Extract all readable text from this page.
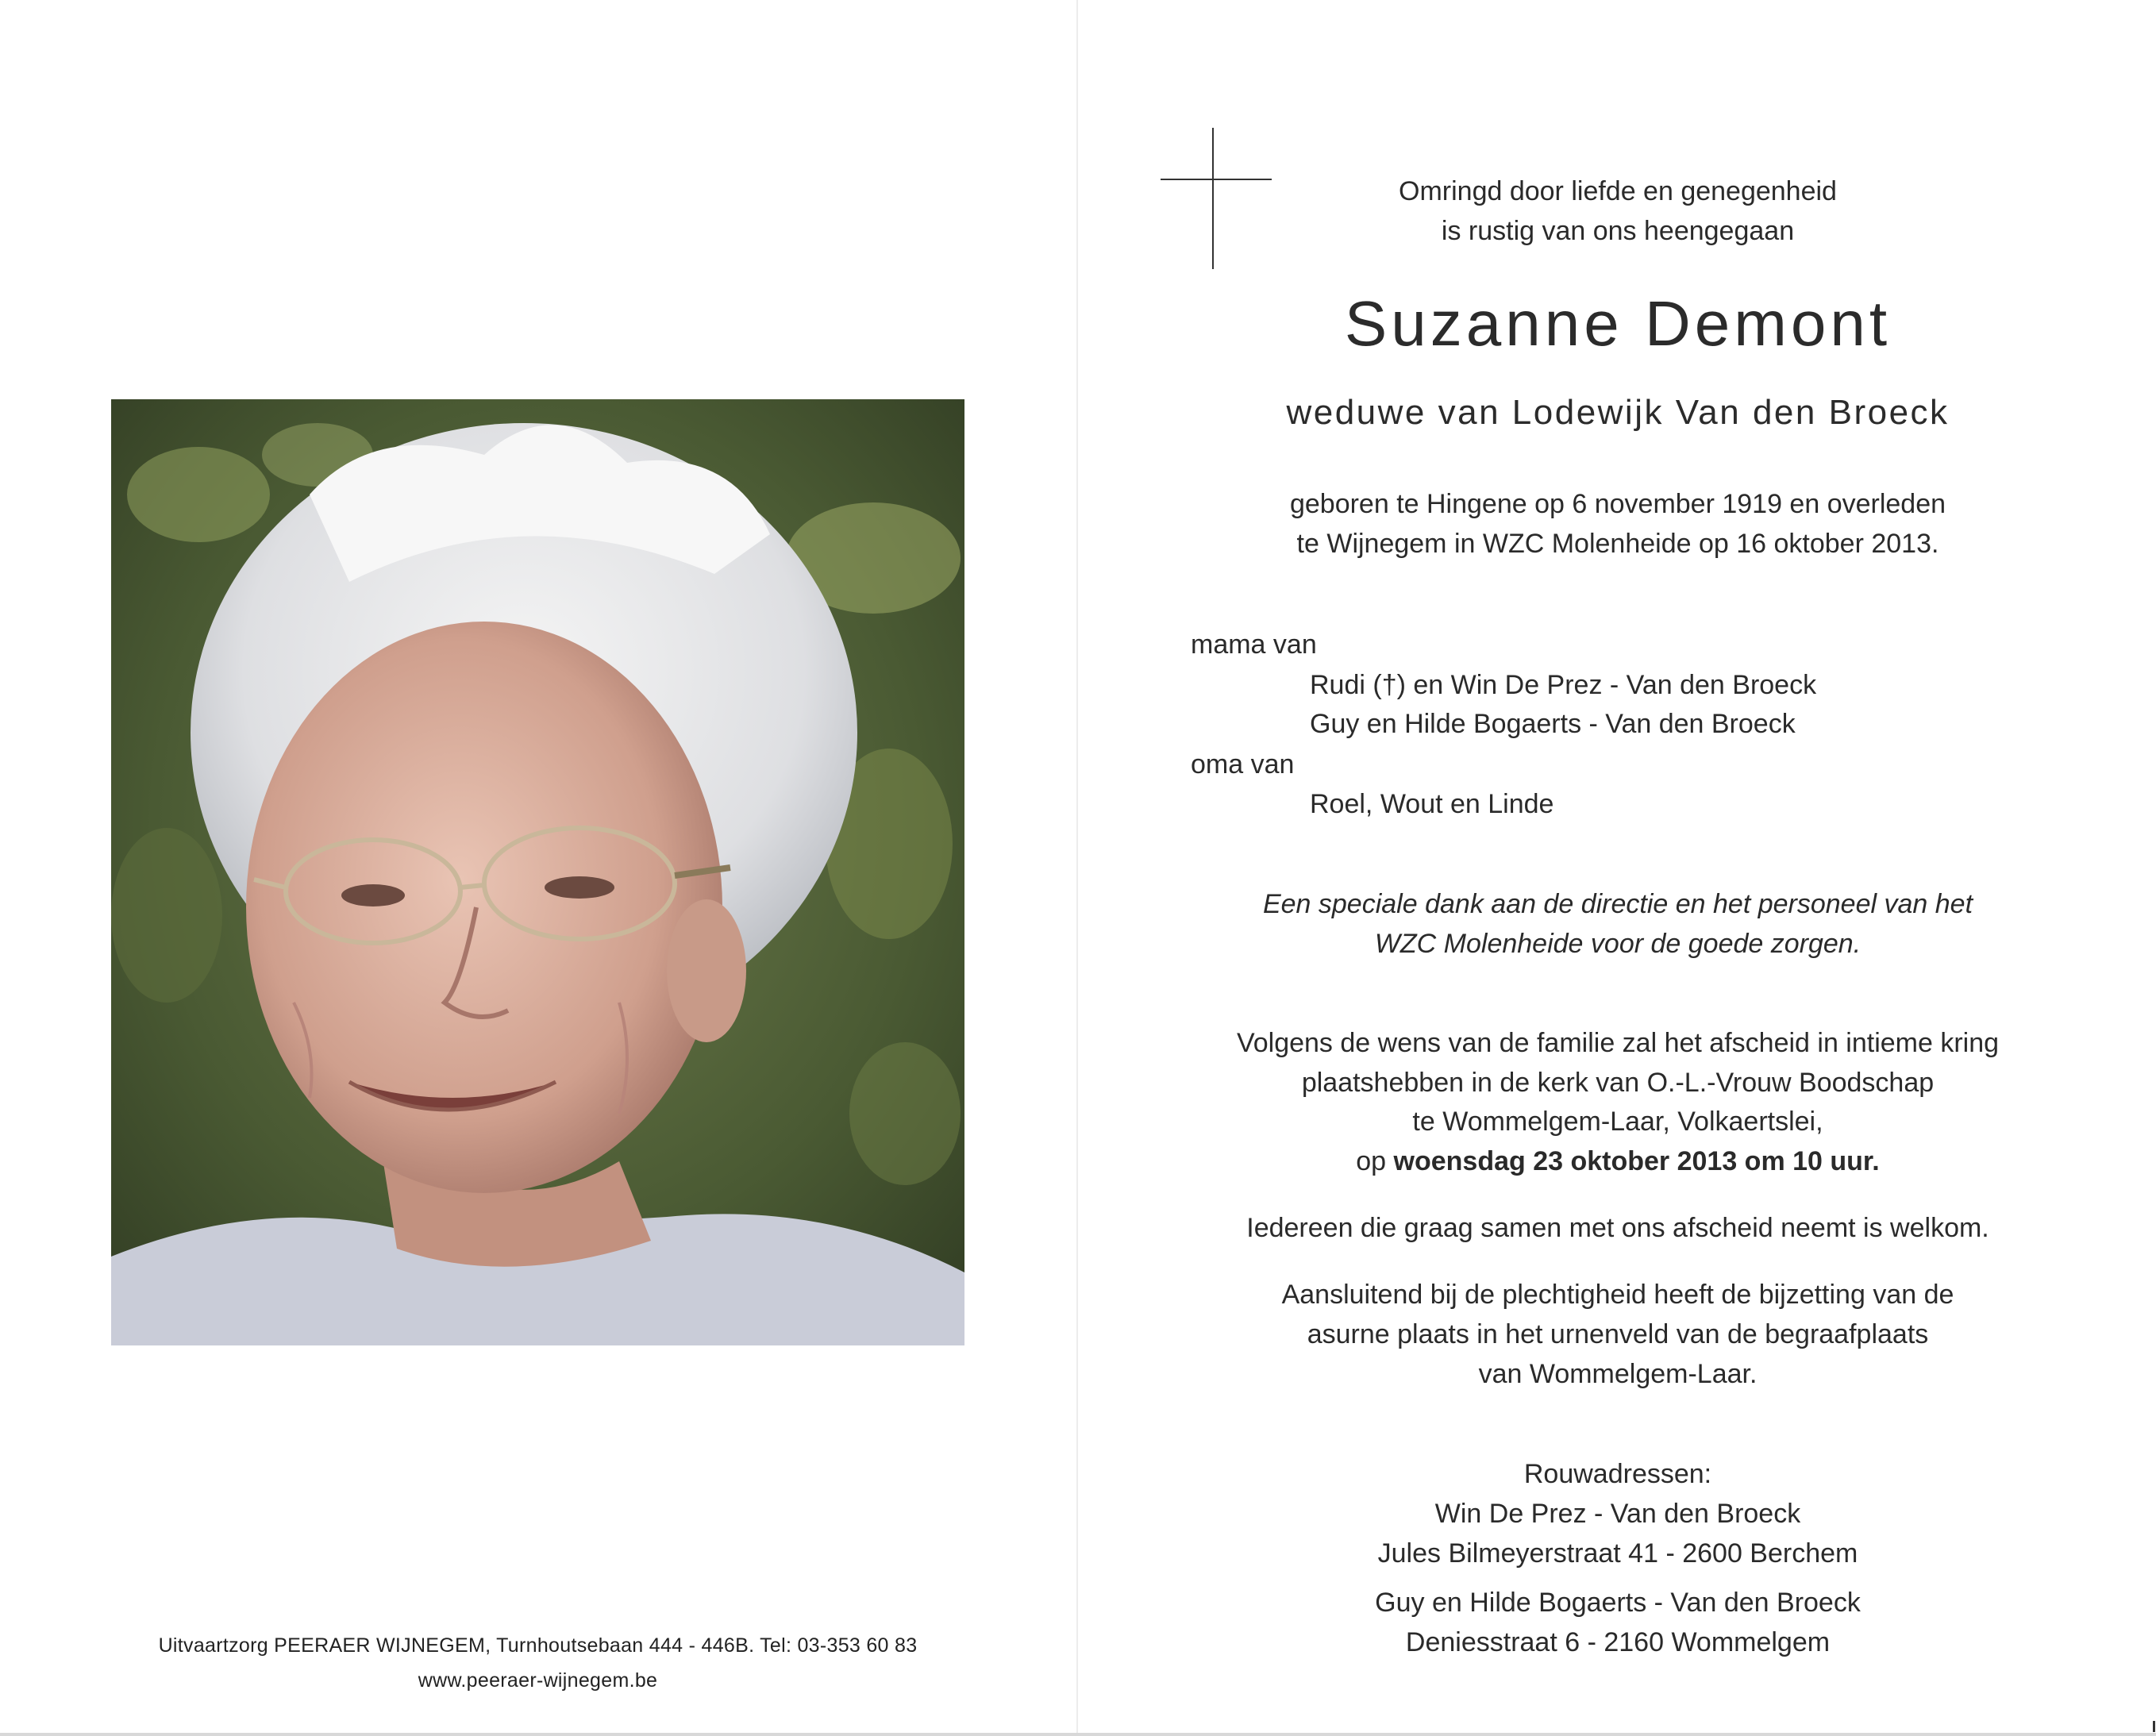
Uitvaartzorg PEERAER WIJNEGEM, Turnhoutsebaan 444 - 446B. Tel: 03-353 60 83
www.peeraer-wijnegem.be
Omringd door liefde en genegenheid
is rustig van ons heengegaan
Suzanne Demont
weduwe van Lodewijk Van den Broeck
geboren te Hingene op 6 november 1919 en overleden
te Wijnegem in WZC Molenheide op 16 oktober 2013.
mama van
Rudi (†) en Win De Prez - Van den Broeck
Guy en Hilde Bogaerts - Van den Broeck
oma van
Roel, Wout en Linde
Een speciale dank aan de directie en het personeel van het
WZC Molenheide voor de goede zorgen.
Volgens de wens van de familie zal het afscheid in intieme kring
plaatshebben in de kerk van O.-L.-Vrouw Boodschap
te Wommelgem-Laar, Volkaertslei,
op woensdag 23 oktober 2013 om 10 uur.
Iedereen die graag samen met ons afscheid neemt is welkom.
Aansluitend bij de plechtigheid heeft de bijzetting van de
asurne plaats in het urnenveld van de begraafplaats
van Wommelgem-Laar.
Rouwadressen:
Win De Prez - Van den Broeck
Jules Bilmeyerstraat 41 - 2600 Berchem
Guy en Hilde Bogaerts - Van den Broeck
Deniesstraat 6 - 2160 Wommelgem
